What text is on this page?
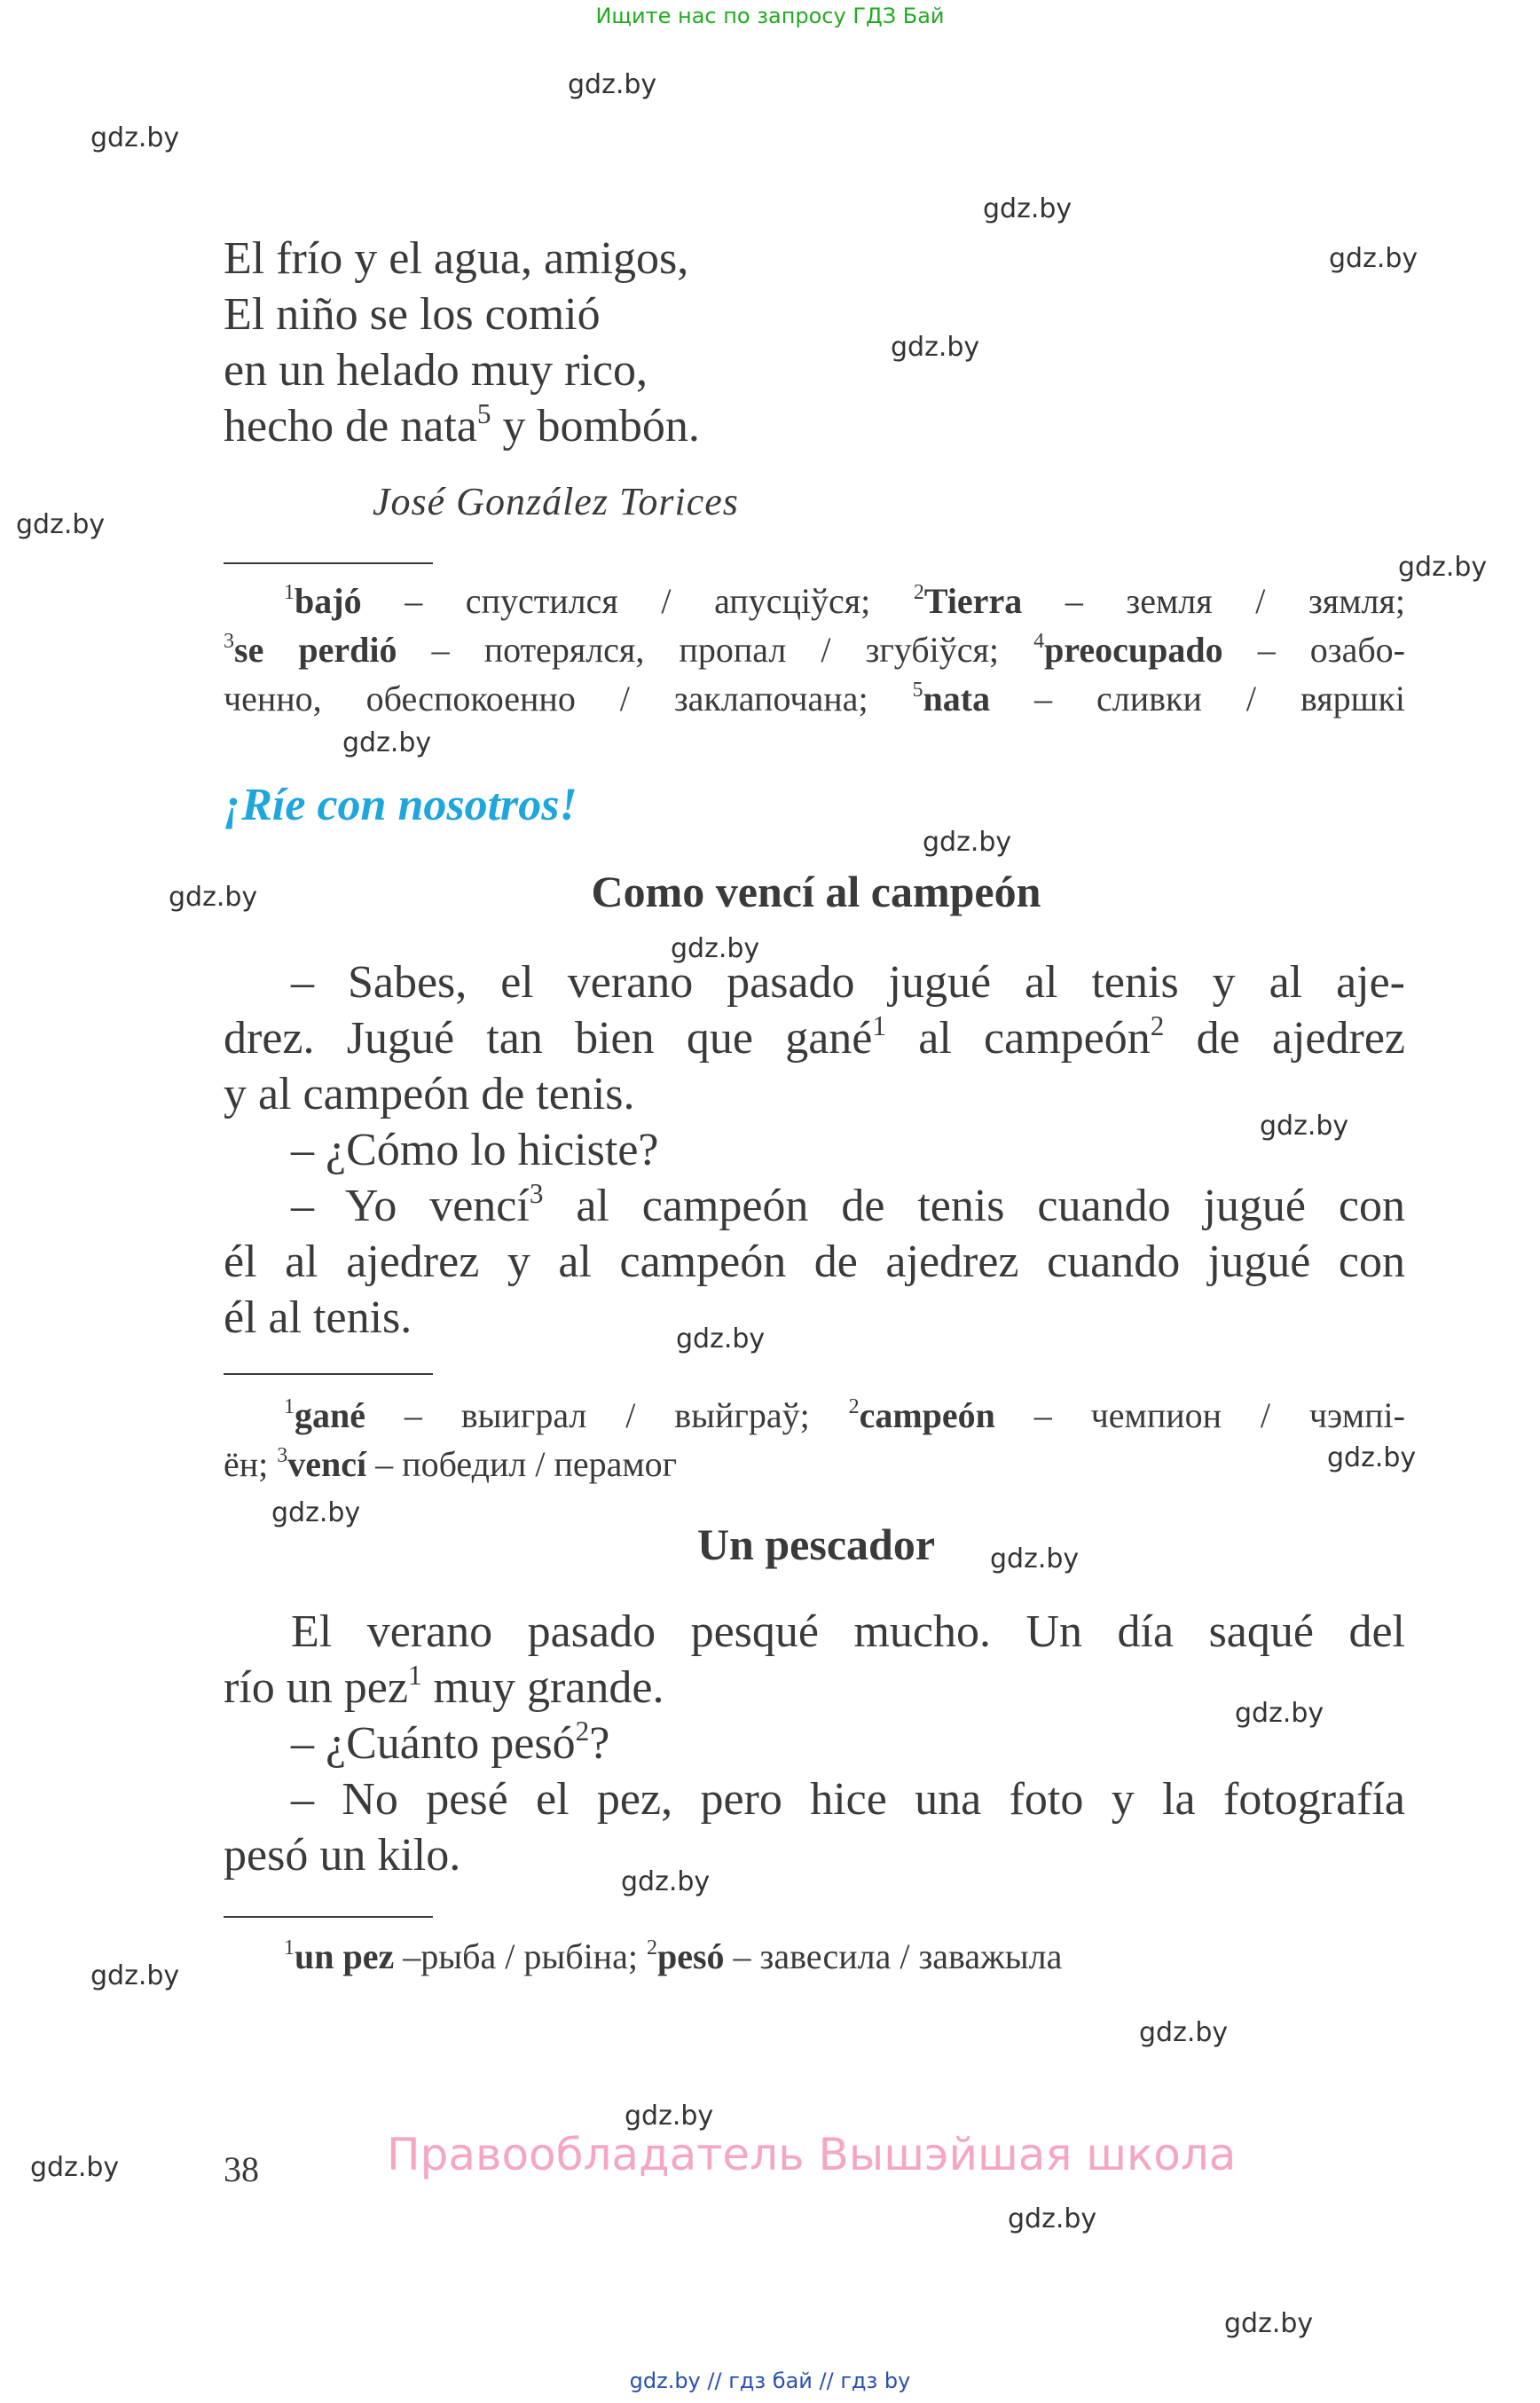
Ищите нас по запросу ГДЗ Бай
gdz.by
gdz.by
gdz.by
gdz.by
gdz.by
gdz.by
gdz.by
gdz.by
gdz.by
gdz.by
gdz.by
gdz.by
gdz.by
gdz.by
gdz.by
gdz.by
gdz.by
gdz.by
gdz.by
gdz.by
gdz.by
gdz.by
gdz.by
gdz.by
El frío y el agua, amigos,
El niño se los comió
en un helado muy rico,
hecho de nata$^5$ y bombón.
José González Torices
$^1$bajó – спустился / апусціўся; $^2$Tierra – земля / зямля;
$^3$se perdió – потерялся, пропал / згубіўся; $^4$preocupado – озабо-
ченно, обеспокоенно / заклапочана; $^5$nata – сливки / вяршкі
¡Ríe con nosotros!
Como vencí al campeón
– Sabes, el verano pasado jugué al tenis y al aje-
drez. Jugué tan bien que gané$^1$ al campeón$^2$ de ajedrez
y al campeón de tenis.
– ¿Cómo lo hiciste?
– Yo vencí$^3$ al campeón de tenis cuando jugué con
él al ajedrez y al campeón de ajedrez cuando jugué con
él al tenis.
$^1$gané – выиграл / выйграў; $^2$campeón – чемпион / чэмпі-
ён; $^3$vencí – победил / перамог
Un pescador
El verano pasado pesqué mucho. Un día saqué del
río un pez$^1$ muy grande.
– ¿Cuánto pesó$^2$?
– No pesé el pez, pero hice una foto y la fotografía
pesó un kilo.
$^1$un pez –рыба / рыбіна; $^2$pesó – завесила / заважыла
38	Правообладатель Вышэйшая школа
gdz.by // гдз бай // гдз by
